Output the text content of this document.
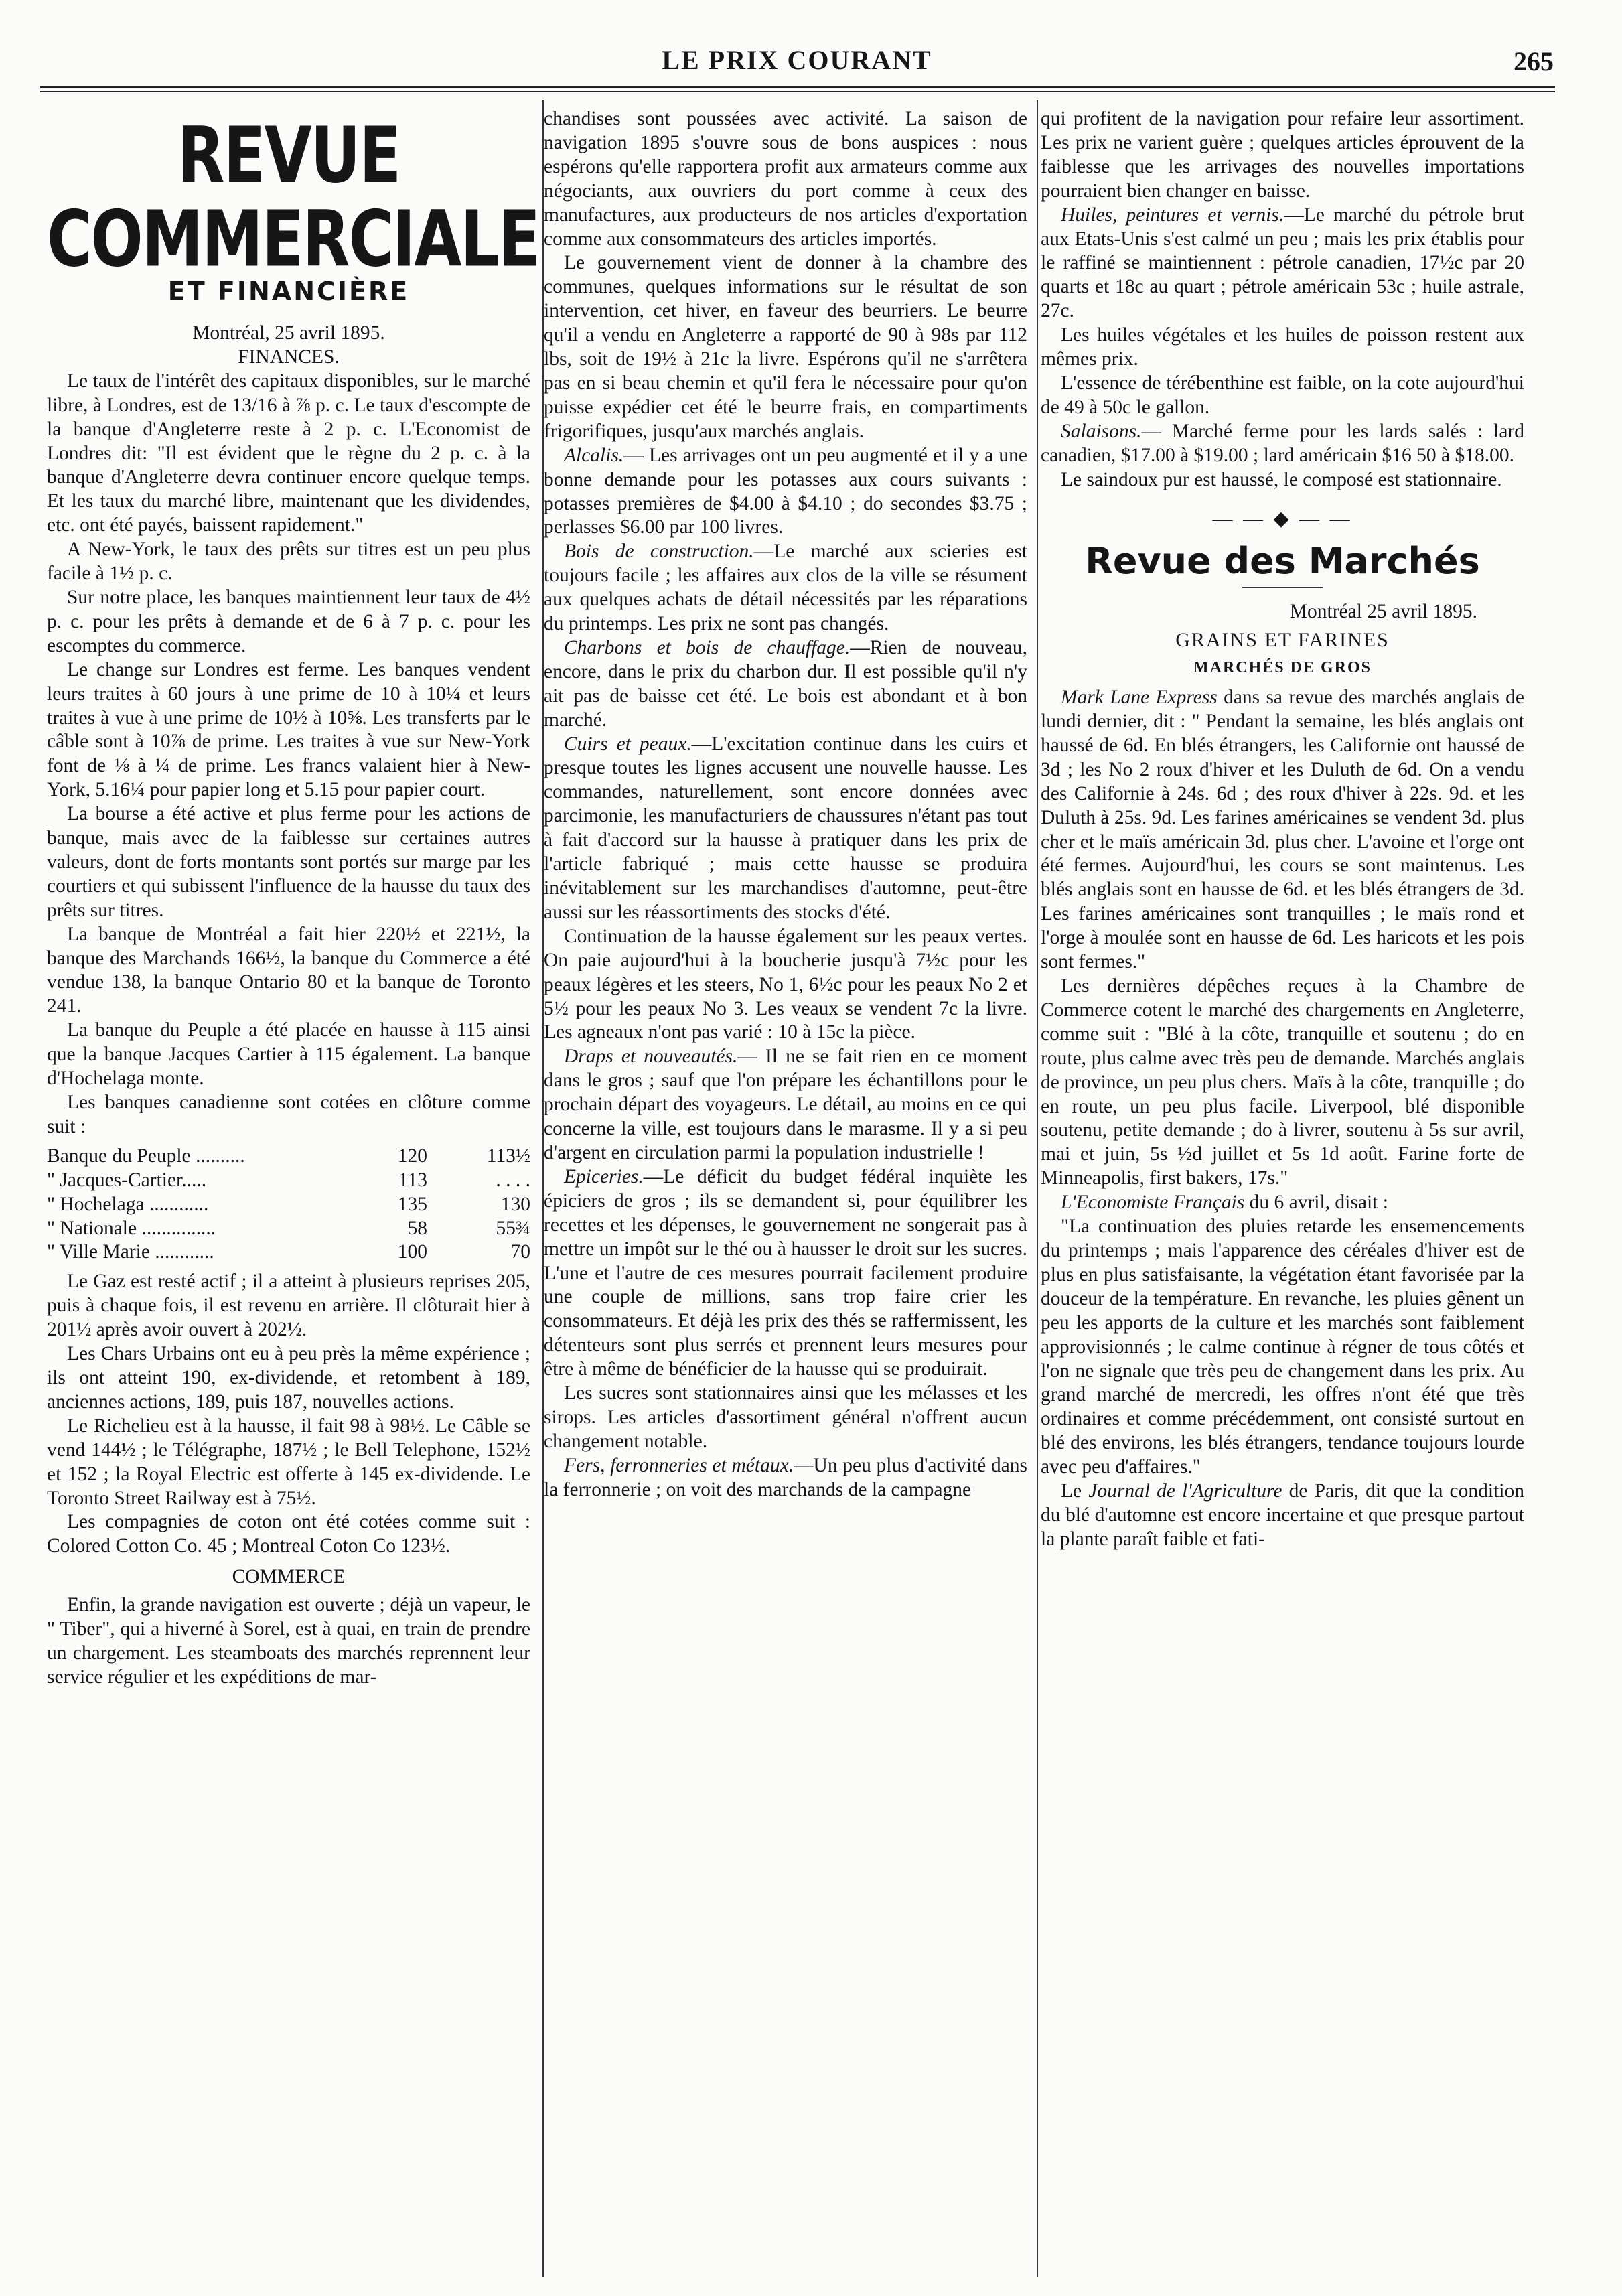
LE PRIX COURANT	265
REVUE COMMERCIALE
ET FINANCIÈRE

Montréal, 25 avril 1895.

FINANCES.

Le taux de l'intérêt des capitaux disponibles, sur le marché libre, à Londres, est de 13/16 à ⅞ p. c. Le taux d'escompte de la banque d'Angleterre reste à 2 p. c. L'Economist de Londres dit: "Il est évident que le règne du 2 p. c. à la banque d'Angleterre devra continuer encore quelque temps. Et les taux du marché libre, maintenant que les dividendes, etc. ont été payés, baissent rapidement."

A New-York, le taux des prêts sur titres est un peu plus facile à 1½ p. c.

Sur notre place, les banques maintiennent leur taux de 4½ p. c. pour les prêts à demande et de 6 à 7 p. c. pour les escomptes du commerce.

Le change sur Londres est ferme. Les banques vendent leurs traites à 60 jours à une prime de 10 à 10¼ et leurs traites à vue à une prime de 10½ à 10⅝. Les transferts par le câble sont à 10⅞ de prime. Les traites à vue sur New-York font de ⅛ à ¼ de prime. Les francs valaient hier à New-York, 5.16¼ pour papier long et 5.15 pour papier court.

La bourse a été active et plus ferme pour les actions de banque, mais avec de la faiblesse sur certaines autres valeurs, dont de forts montants sont portés sur marge par les courtiers et qui subissent l'influence de la hausse du taux des prêts sur titres.

La banque de Montréal a fait hier 220½ et 221½, la banque des Marchands 166½, la banque du Commerce a été vendue 138, la banque Ontario 80 et la banque de Toronto 241.

La banque du Peuple a été placée en hausse à 115 ainsi que la banque Jacques Cartier à 115 également. La banque d'Hochelaga monte.

Les banques canadienne sont cotées en clôture comme suit :

Banque du Peuple ..........	120	113½
" Jacques-Cartier.....	113	. . . .
" Hochelaga ............	135	130
" Nationale ...............	58	55¾
" Ville Marie ............	100	70

Le Gaz est resté actif ; il a atteint à plusieurs reprises 205, puis à chaque fois, il est revenu en arrière. Il clôturait hier à 201½ après avoir ouvert à 202½.

Les Chars Urbains ont eu à peu près la même expérience ; ils ont atteint 190, ex-dividende, et retombent à 189, anciennes actions, 189, puis 187, nouvelles actions.

Le Richelieu est à la hausse, il fait 98 à 98½. Le Câble se vend 144½ ; le Télégraphe, 187½ ; le Bell Telephone, 152½ et 152 ; la Royal Electric est offerte à 145 ex-dividende. Le Toronto Street Railway est à 75½.

Les compagnies de coton ont été cotées comme suit : Colored Cotton Co. 45 ; Montreal Coton Co 123½.

COMMERCE

Enfin, la grande navigation est ouverte ; déjà un vapeur, le " Tiber", qui a hiverné à Sorel, est à quai, en train de prendre un chargement. Les steamboats des marchés reprennent leur service régulier et les expéditions de mar-

chandises sont poussées avec activité. La saison de navigation 1895 s'ouvre sous de bons auspices : nous espérons qu'elle rapportera profit aux armateurs comme aux négociants, aux ouvriers du port comme à ceux des manufactures, aux producteurs de nos articles d'exportation comme aux consommateurs des articles importés.

Le gouvernement vient de donner à la chambre des communes, quelques informations sur le résultat de son intervention, cet hiver, en faveur des beurriers. Le beurre qu'il a vendu en Angleterre a rapporté de 90 à 98s par 112 lbs, soit de 19½ à 21c la livre. Espérons qu'il ne s'arrêtera pas en si beau chemin et qu'il fera le nécessaire pour qu'on puisse expédier cet été le beurre frais, en compartiments frigorifiques, jusqu'aux marchés anglais.

Alcalis.— Les arrivages ont un peu augmenté et il y a une bonne demande pour les potasses aux cours suivants : potasses premières de $4.00 à $4.10 ; do secondes $3.75 ; perlasses $6.00 par 100 livres.

Bois de construction.—Le marché aux scieries est toujours facile ; les affaires aux clos de la ville se résument aux quelques achats de détail nécessités par les réparations du printemps. Les prix ne sont pas changés.

Charbons et bois de chauffage.—Rien de nouveau, encore, dans le prix du charbon dur. Il est possible qu'il n'y ait pas de baisse cet été. Le bois est abondant et à bon marché.

Cuirs et peaux.—L'excitation continue dans les cuirs et presque toutes les lignes accusent une nouvelle hausse. Les commandes, naturellement, sont encore données avec parcimonie, les manufacturiers de chaussures n'étant pas tout à fait d'accord sur la hausse à pratiquer dans les prix de l'article fabriqué ; mais cette hausse se produira inévitablement sur les marchandises d'automne, peut-être aussi sur les réassortiments des stocks d'été.

Continuation de la hausse également sur les peaux vertes. On paie aujourd'hui à la boucherie jusqu'à 7½c pour les peaux légères et les steers, No 1, 6½c pour les peaux No 2 et 5½ pour les peaux No 3. Les veaux se vendent 7c la livre. Les agneaux n'ont pas varié : 10 à 15c la pièce.

Draps et nouveautés.— Il ne se fait rien en ce moment dans le gros ; sauf que l'on prépare les échantillons pour le prochain départ des voyageurs. Le détail, au moins en ce qui concerne la ville, est toujours dans le marasme. Il y a si peu d'argent en circulation parmi la population industrielle !

Epiceries.—Le déficit du budget fédéral inquiète les épiciers de gros ; ils se demandent si, pour équilibrer les recettes et les dépenses, le gouvernement ne songerait pas à mettre un impôt sur le thé ou à hausser le droit sur les sucres. L'une et l'autre de ces mesures pourrait facilement produire une couple de millions, sans trop faire crier les consommateurs. Et déjà les prix des thés se raffermissent, les détenteurs sont plus serrés et prennent leurs mesures pour être à même de bénéficier de la hausse qui se produirait.

Les sucres sont stationnaires ainsi que les mélasses et les sirops. Les articles d'assortiment général n'offrent aucun changement notable.

Fers, ferronneries et métaux.—Un peu plus d'activité dans la ferronnerie ; on voit des marchands de la campagne

qui profitent de la navigation pour refaire leur assortiment. Les prix ne varient guère ; quelques articles éprouvent de la faiblesse que les arrivages des nouvelles importations pourraient bien changer en baisse.

Huiles, peintures et vernis.—Le marché du pétrole brut aux Etats-Unis s'est calmé un peu ; mais les prix établis pour le raffiné se maintiennent : pétrole canadien, 17½c par 20 quarts et 18c au quart ; pétrole américain 53c ; huile astrale, 27c.

Les huiles végétales et les huiles de poisson restent aux mêmes prix.

L'essence de térébenthine est faible, on la cote aujourd'hui de 49 à 50c le gallon.

Salaisons.— Marché ferme pour les lards salés : lard canadien, $17.00 à $19.00 ; lard américain $16 50 à $18.00.

Le saindoux pur est haussé, le composé est stationnaire.

— — ◆ — —
Revue des Marchés

Montréal 25 avril 1895.

GRAINS ET FARINES
MARCHÉS DE GROS

Mark Lane Express dans sa revue des marchés anglais de lundi dernier, dit : " Pendant la semaine, les blés anglais ont haussé de 6d. En blés étrangers, les Californie ont haussé de 3d ; les No 2 roux d'hiver et les Duluth de 6d. On a vendu des Californie à 24s. 6d ; des roux d'hiver à 22s. 9d. et les Duluth à 25s. 9d. Les farines américaines se vendent 3d. plus cher et le maïs américain 3d. plus cher. L'avoine et l'orge ont été fermes. Aujourd'hui, les cours se sont maintenus. Les blés anglais sont en hausse de 6d. et les blés étrangers de 3d. Les farines américaines sont tranquilles ; le maïs rond et l'orge à moulée sont en hausse de 6d. Les haricots et les pois sont fermes."

Les dernières dépêches reçues à la Chambre de Commerce cotent le marché des chargements en Angleterre, comme suit : "Blé à la côte, tranquille et soutenu ; do en route, plus calme avec très peu de demande. Marchés anglais de province, un peu plus chers. Maïs à la côte, tranquille ; do en route, un peu plus facile. Liverpool, blé disponible soutenu, petite demande ; do à livrer, soutenu à 5s sur avril, mai et juin, 5s ½d juillet et 5s 1d août. Farine forte de Minneapolis, first bakers, 17s."

L'Economiste Français du 6 avril, disait :

"La continuation des pluies retarde les ensemencements du printemps ; mais l'apparence des céréales d'hiver est de plus en plus satisfaisante, la végétation étant favorisée par la douceur de la température. En revanche, les pluies gênent un peu les apports de la culture et les marchés sont faiblement approvisionnés ; le calme continue à régner de tous côtés et l'on ne signale que très peu de changement dans les prix. Au grand marché de mercredi, les offres n'ont été que très ordinaires et comme précédemment, ont consisté surtout en blé des environs, les blés étrangers, tendance toujours lourde avec peu d'affaires."

Le Journal de l'Agriculture de Paris, dit que la condition du blé d'automne est encore incertaine et que presque partout la plante paraît faible et fati-
